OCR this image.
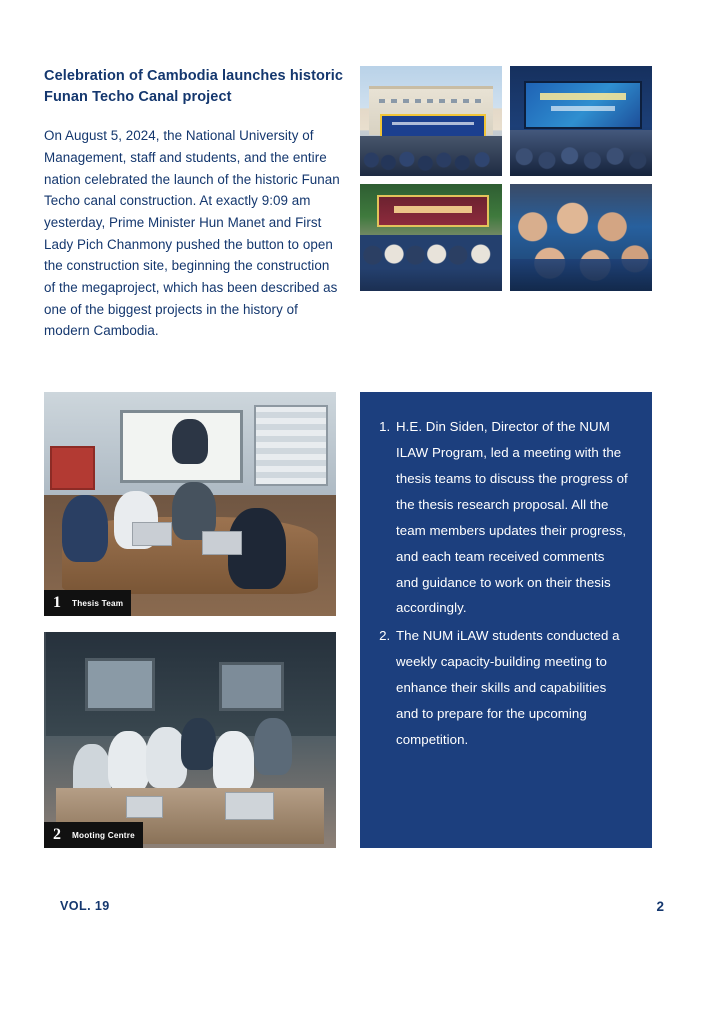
Celebration of Cambodia launches historic Funan Techo Canal project

On August 5, 2024, the National University of Management, staff and students, and the entire nation celebrated the launch of the historic Funan Techo canal construction. At exactly 9:09 am yesterday, Prime Minister Hun Manet and First Lady Pich Chanmony pushed the button to open the construction site, beginning the construction of the megaproject, which has been described as one of the biggest projects in the history of modern Cambodia.

1	Thesis Team
2	Mooting Centre
1. H.E. Din Siden, Director of the NUM ILAW Program, led a meeting with the thesis teams to discuss the progress of the thesis research proposal. All the team members updates their progress, and each team received comments and guidance to work on their thesis accordingly.
2. The NUM iLAW students conducted a weekly capacity-building meeting to enhance their skills and capabilities and to prepare for the upcoming competition.
VOL. 19	2
